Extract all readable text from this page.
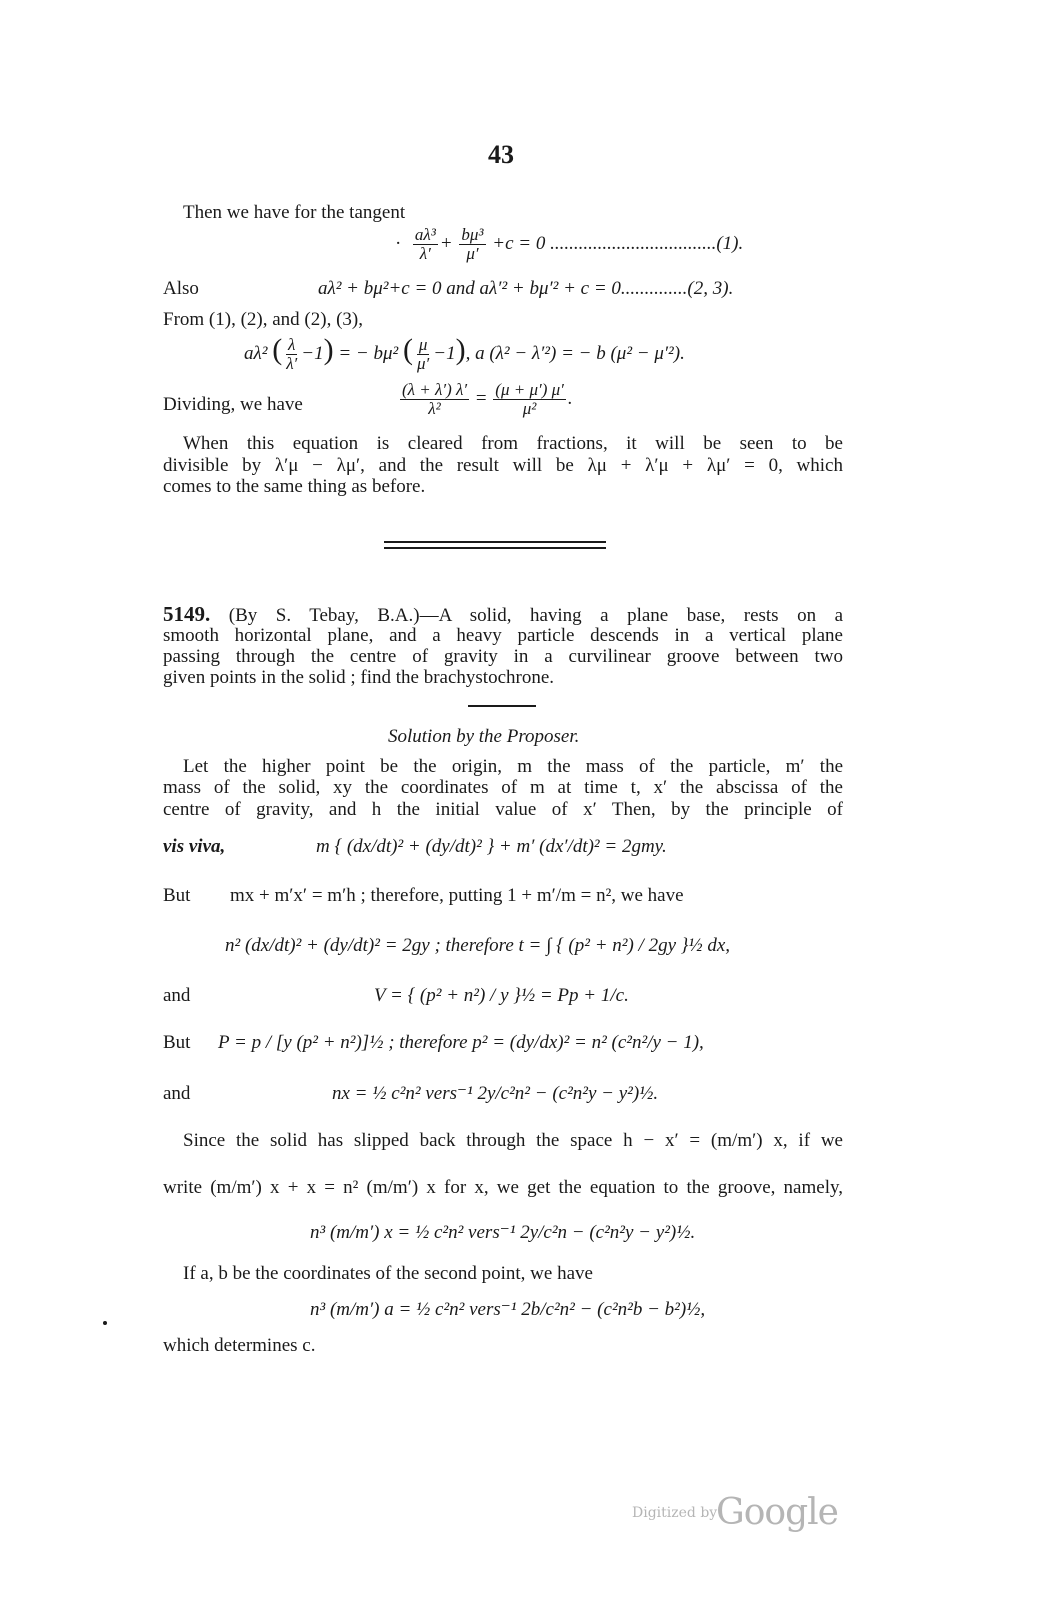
43
Then we have for the tangent
· $\frac{\text{aλ³}}{\lambda'} + \frac{\text{bμ³}}{\mu'} +c = 0$ ...................................(1).
Also	aλ² + bμ²+c = 0 and aλ′² + bμ′² + c = 0..............(2, 3).
From (1), (2), and (2), (3),
aλ² ( $\frac{\lambda}{\lambda'} -1$) = − bμ² ( $\frac{\mu}{\mu'} -1$), a (λ² − λ′²) = − b (μ² − μ′²).
Dividing, we have	$\frac{(\lambda + \lambda') \lambda'}{\text{λ²}} = \frac{(\mu + \mu') \mu'}{\text{μ²}}$ .
When this equation is cleared from fractions, it will be seen to be
divisible by λ′μ − λμ′, and the result will be λμ + λ′μ + λμ′ = 0, which
comes to the same thing as before.
5149. (By S. Tebay, B.A.)—A solid, having a plane base, rests on a
smooth horizontal plane, and a heavy particle descends in a vertical plane
passing through the centre of gravity in a curvilinear groove between two
given points in the solid ; find the brachystochrone.
Solution by the Proposer.
Let the higher point be the origin, m the mass of the particle, m′ the
mass of the solid, xy the coordinates of m at time t, x′ the abscissa of the
centre of gravity, and h the initial value of x′ Then, by the principle of
vis viva,	m { (dx/dt)² + (dy/dt)² } + m′ (dx′/dt)² = 2gmy.
But mx + m′x′ = m′h ; therefore, putting 1 + m′/m = n², we have
n² (dx/dt)² + (dy/dt)² = 2gy ; therefore t = ∫ { (p² + n²) / 2gy }½ dx,
and	V = { (p² + n²) / y }½ = Pp + 1/c.
But P = p / [y (p² + n²)]½ ; therefore p² = (dy/dx)² = n² (c²n²/y − 1),
and	nx = ½ c²n² vers⁻¹ 2y/c²n² − (c²n²y − y²)½.
Since the solid has slipped back through the space h − x′ = (m/m′) x, if we
write (m/m′) x + x = n² (m/m′) x for x, we get the equation to the groove, namely,
n³ (m/m′) x = ½ c²n² vers⁻¹ 2y/c²n − (c²n²y − y²)½.
If a, b be the coordinates of the second point, we have
n³ (m/m′) a = ½ c²n² vers⁻¹ 2b/c²n² − (c²n²b − b²)½,
which determines c.
Digitized by
Google
